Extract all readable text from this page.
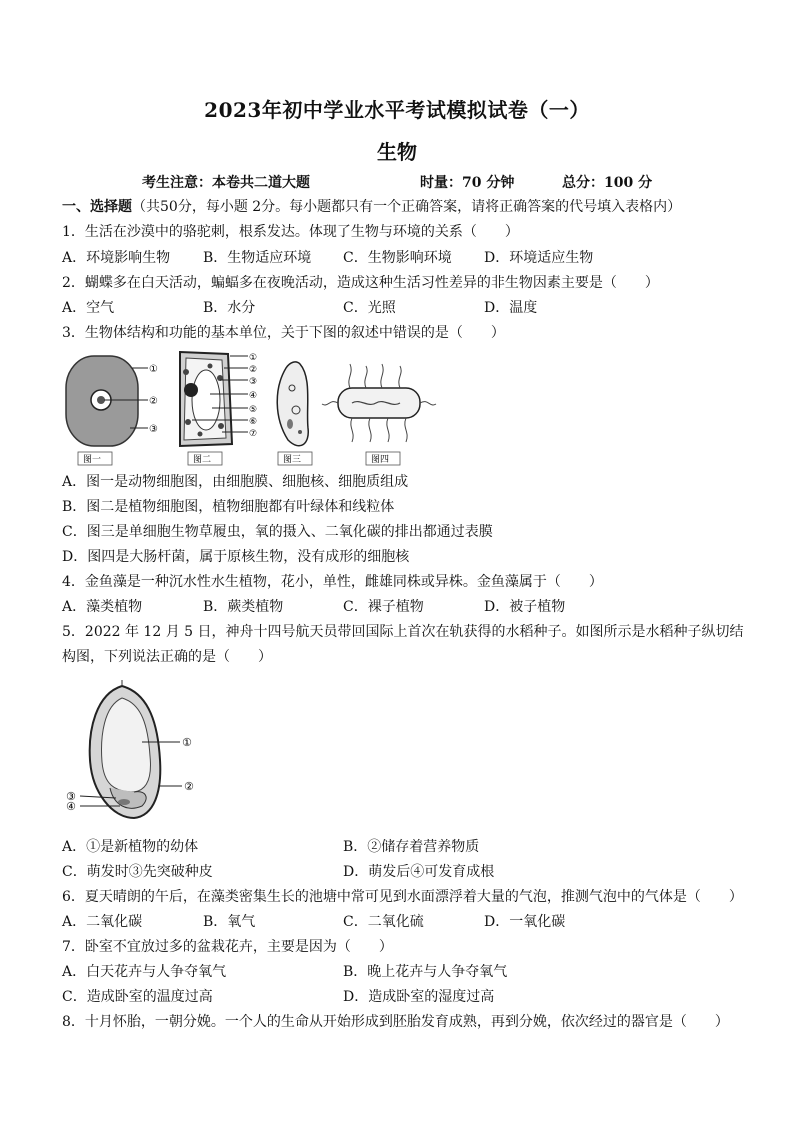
2023年初中学业水平考试模拟试卷（一）
生物
考生注意：本卷共二道大题	时量：70 分钟	总分：100 分
一、选择题（共50分，每小题 2分。每小题都只有一个正确答案，请将正确答案的代号填入表格内）
1．生活在沙漠中的骆驼刺，根系发达。体现了生物与环境的关系（　　）
A．环境影响生物 B．生物适应环境 C．生物影响环境 D．环境适应生物
2．蝴蝶多在白天活动，蝙蝠多在夜晚活动，造成这种生活习性差异的非生物因素主要是（　　）
A．空气	B．水分	C．光照	D．温度
3．生物体结构和功能的基本单位，关于下图的叙述中错误的是（　　）
①
②
③
图一
①
②
③
④
⑤
⑥
⑦
图二	图三	图四
A．图一是动物细胞图，由细胞膜、细胞核、细胞质组成
B．图二是植物细胞图，植物细胞都有叶绿体和线粒体
C．图三是单细胞生物草履虫，氧的摄入、二氧化碳的排出都通过表膜
D．图四是大肠杆菌，属于原核生物，没有成形的细胞核
4．金鱼藻是一种沉水性水生植物，花小，单性，雌雄同株或异株。金鱼藻属于（　　）
A．藻类植物	B．蕨类植物	C．裸子植物	D．被子植物
5．2022 年 12 月 5 日，神舟十四号航天员带回国际上首次在轨获得的水稻种子。如图所示是水稻种子纵切结
构图，下列说法正确的是（　　）
①
②
③
④
A．①是新植物的幼体	B．②储存着营养物质
C．萌发时③先突破种皮	D．萌发后④可发育成根
6．夏天晴朗的午后，在藻类密集生长的池塘中常可见到水面漂浮着大量的气泡，推测气泡中的气体是（　　）
A．二氧化碳	B．氧气	C．二氧化硫	D．一氧化碳
7．卧室不宜放过多的盆栽花卉，主要是因为（　　）
A．白天花卉与人争夺氧气	B．晚上花卉与人争夺氧气
C．造成卧室的温度过高	D．造成卧室的湿度过高
8．十月怀胎，一朝分娩。一个人的生命从开始形成到胚胎发育成熟，再到分娩，依次经过的器官是（　　）
